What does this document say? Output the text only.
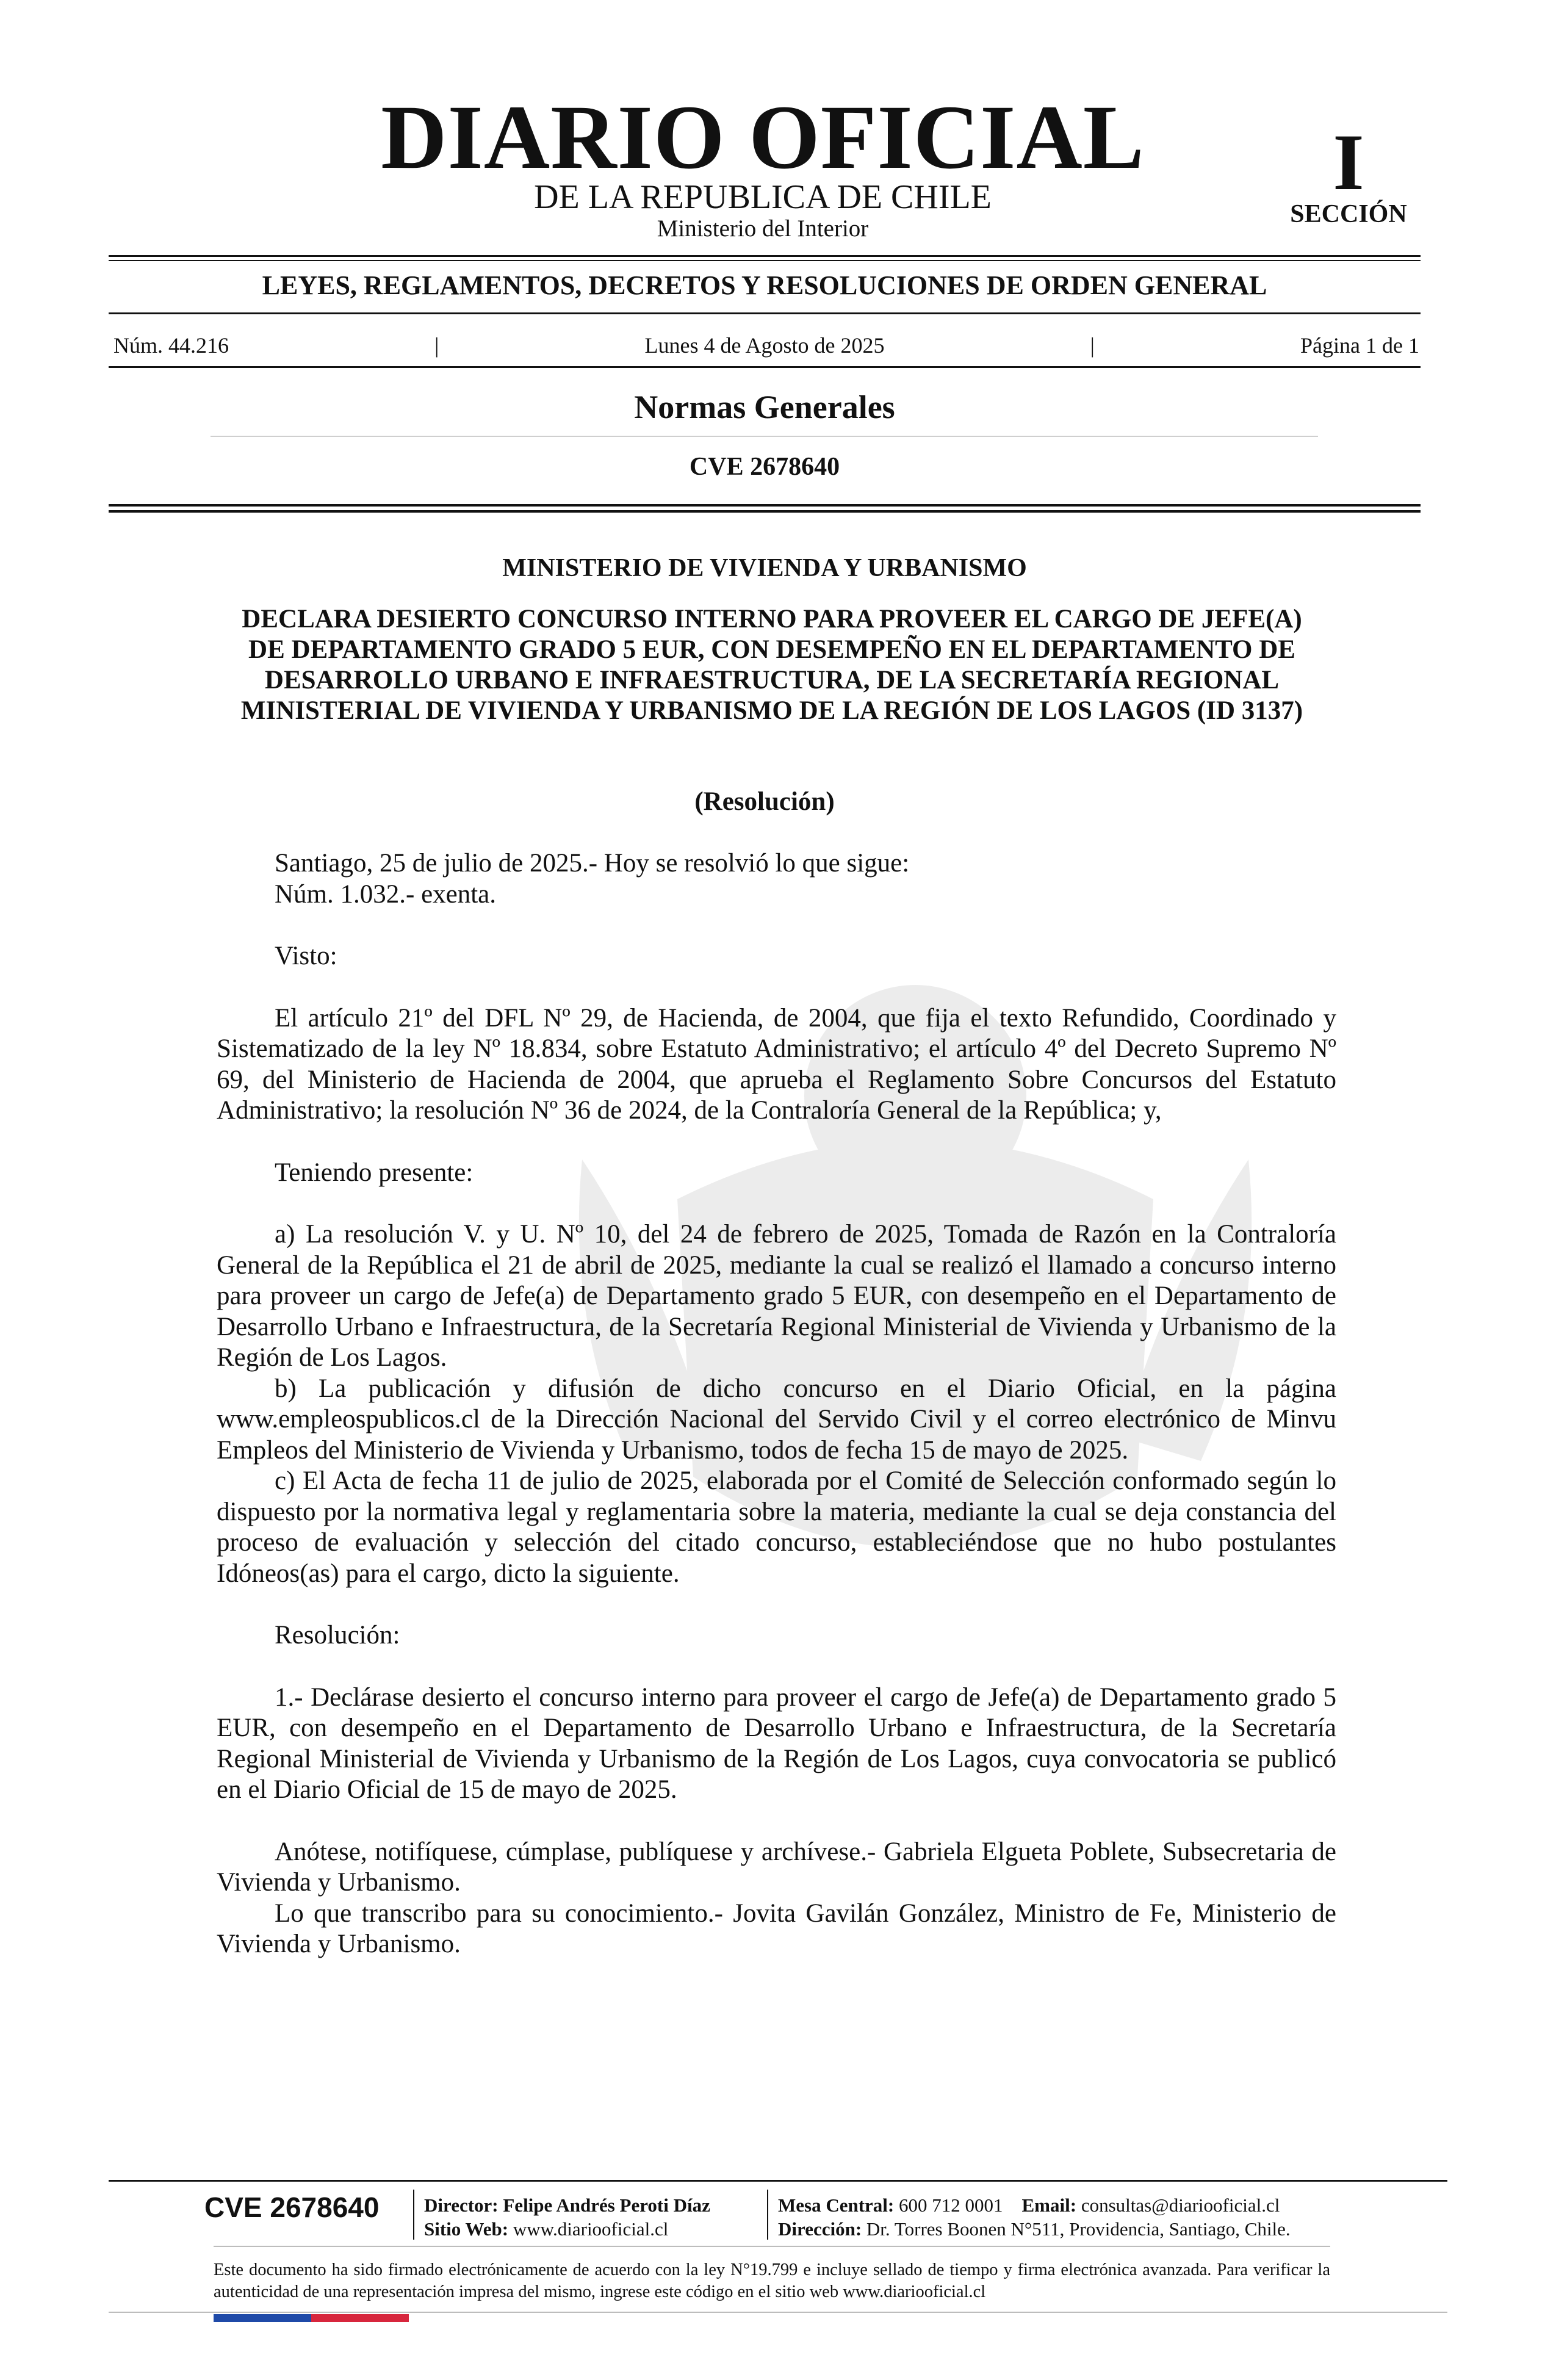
DIARIO OFICIAL
DE LA REPUBLICA DE CHILE
Ministerio del Interior
I
SECCIÓN
LEYES, REGLAMENTOS, DECRETOS Y RESOLUCIONES DE ORDEN GENERAL
Núm. 44.216	|	Lunes 4 de Agosto de 2025	|	Página 1 de 1
Normas Generales
CVE 2678640
MINISTERIO DE VIVIENDA Y URBANISMO
DECLARA DESIERTO CONCURSO INTERNO PARA PROVEER EL CARGO DE JEFE(A) DE DEPARTAMENTO GRADO 5 EUR, CON DESEMPEÑO EN EL DEPARTAMENTO DE DESARROLLO URBANO E INFRAESTRUCTURA, DE LA SECRETARÍA REGIONAL MINISTERIAL DE VIVIENDA Y URBANISMO DE LA REGIÓN DE LOS LAGOS (ID 3137)
(Resolución)

Santiago, 25 de julio de 2025.- Hoy se resolvió lo que sigue:

Núm. 1.032.- exenta.

Visto:

El artículo 21º del DFL Nº 29, de Hacienda, de 2004, que fija el texto Refundido, Coordinado y Sistematizado de la ley Nº 18.834, sobre Estatuto Administrativo; el artículo 4º del Decreto Supremo Nº 69, del Ministerio de Hacienda de 2004, que aprueba el Reglamento Sobre Concursos del Estatuto Administrativo; la resolución Nº 36 de 2024, de la Contraloría General de la República; y,

Teniendo presente:

a) La resolución V. y U. Nº 10, del 24 de febrero de 2025, Tomada de Razón en la Contraloría General de la República el 21 de abril de 2025, mediante la cual se realizó el llamado a concurso interno para proveer un cargo de Jefe(a) de Departamento grado 5 EUR, con desempeño en el Departamento de Desarrollo Urbano e Infraestructura, de la Secretaría Regional Ministerial de Vivienda y Urbanismo de la Región de Los Lagos.

b) La publicación y difusión de dicho concurso en el Diario Oficial, en la página www.empleospublicos.cl de la Dirección Nacional del Servido Civil y el correo electrónico de Minvu Empleos del Ministerio de Vivienda y Urbanismo, todos de fecha 15 de mayo de 2025.

c) El Acta de fecha 11 de julio de 2025, elaborada por el Comité de Selección conformado según lo dispuesto por la normativa legal y reglamentaria sobre la materia, mediante la cual se deja constancia del proceso de evaluación y selección del citado concurso, estableciéndose que no hubo postulantes Idóneos(as) para el cargo, dicto la siguiente.

Resolución:

1.- Declárase desierto el concurso interno para proveer el cargo de Jefe(a) de Departamento grado 5 EUR, con desempeño en el Departamento de Desarrollo Urbano e Infraestructura, de la Secretaría Regional Ministerial de Vivienda y Urbanismo de la Región de Los Lagos, cuya convocatoria se publicó en el Diario Oficial de 15 de mayo de 2025.

Anótese, notifíquese, cúmplase, publíquese y archívese.- Gabriela Elgueta Poblete, Subsecretaria de Vivienda y Urbanismo.

Lo que transcribo para su conocimiento.- Jovita Gavilán González, Ministro de Fe, Ministerio de Vivienda y Urbanismo.

CVE 2678640	Director: Felipe Andrés Peroti Díaz
Sitio Web: www.diariooficial.cl
Mesa Central: 600 712 0001 Email: consultas@diariooficial.cl
Dirección: Dr. Torres Boonen N°511, Providencia, Santiago, Chile.
Este documento ha sido firmado electrónicamente de acuerdo con la ley N°19.799 e incluye sellado de tiempo y firma electrónica avanzada. Para verificar la autenticidad de una representación impresa del mismo, ingrese este código en el sitio web www.diariooficial.cl
